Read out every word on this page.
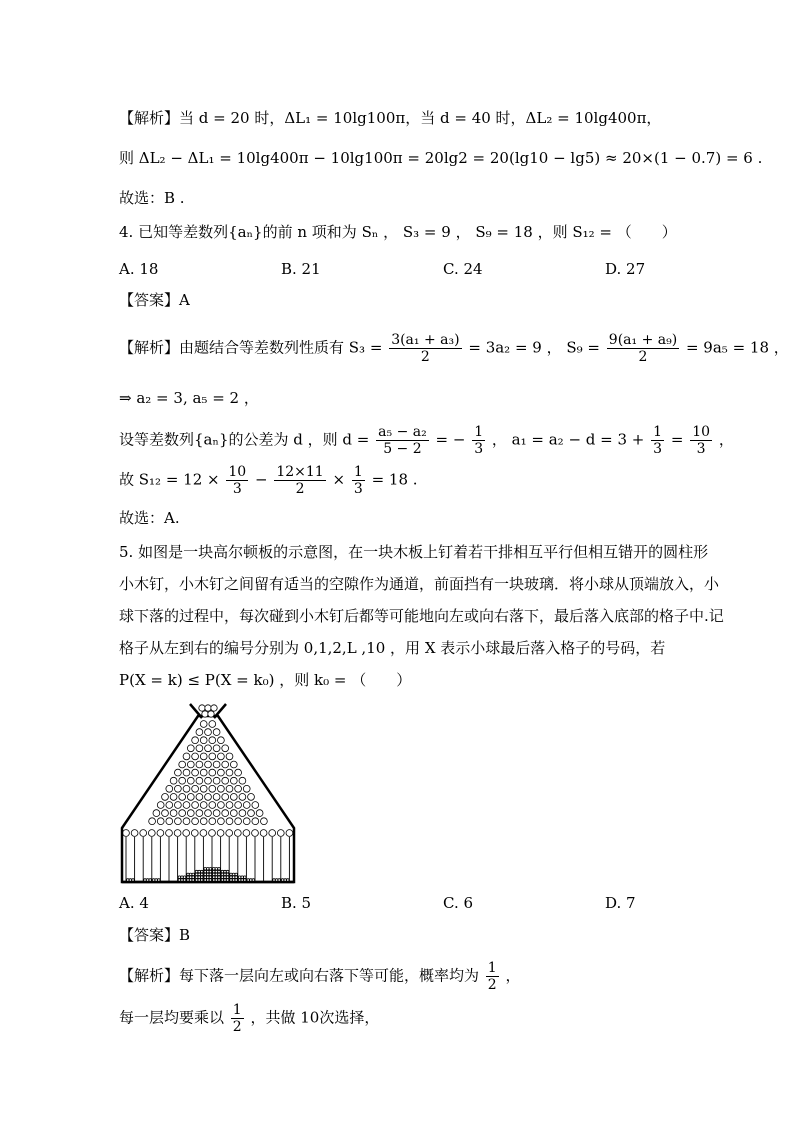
【解析】当 d = 20 时，ΔL₁ = 10lg100π，当 d = 40 时，ΔL₂ = 10lg400π，
则 ΔL₂ − ΔL₁ = 10lg400π − 10lg100π = 20lg2 = 20(lg10 − lg5) ≈ 20×(1 − 0.7) = 6 .
故选：B .
4. 已知等差数列{aₙ}的前 n 项和为 Sₙ ， S₃ = 9 ， S₉ = 18 ，则 S₁₂ = （　　）
A. 18	B. 21	C. 24	D. 27
【答案】A
【解析】由题结合等差数列性质有 $S_3 = \frac{\text{3(a₁ + a₃)}}{2} = 3a_2 = 9$ ， $S_9 = \frac{\text{9(a₁ + a₉)}}{2} = 9a_5 = 18$ ，
⇒ a₂ = 3, a₅ = 2 ，
设等差数列{aₙ}的公差为 d ，则 $d = \frac{\text{a₅ − a₂}}{5 - 2}$ = − $\frac{1}{3}$ ， $a_1 = a_2 - d = 3 + \frac{1}{3} = \frac{10}{3}$ ，
故 $S_{12} = 12 \times \frac{10}{3} - \frac{12\times 11}{2} \times \frac{1}{3} = 18$ .
故选：A.
5. 如图是一块高尔顿板的示意图，在一块木板上钉着若干排相互平行但相互错开的圆柱形
小木钉，小木钉之间留有适当的空隙作为通道，前面挡有一块玻璃．将小球从顶端放入，小
球下落的过程中，每次碰到小木钉后都等可能地向左或向右落下，最后落入底部的格子中.记
格子从左到右的编号分别为 0,1,2,L ,10 ，用 X 表示小球最后落入格子的号码，若
P(X = k) ≤ P(X = k₀) ，则 k₀ = （　　）
A. 4	B. 5	C. 6	D. 7
【答案】B
【解析】每下落一层向左或向右落下等可能，概率均为 $\frac{1}{2}$ ，
每一层均要乘以 $\frac{1}{2}$ ，共做 10次选择，
